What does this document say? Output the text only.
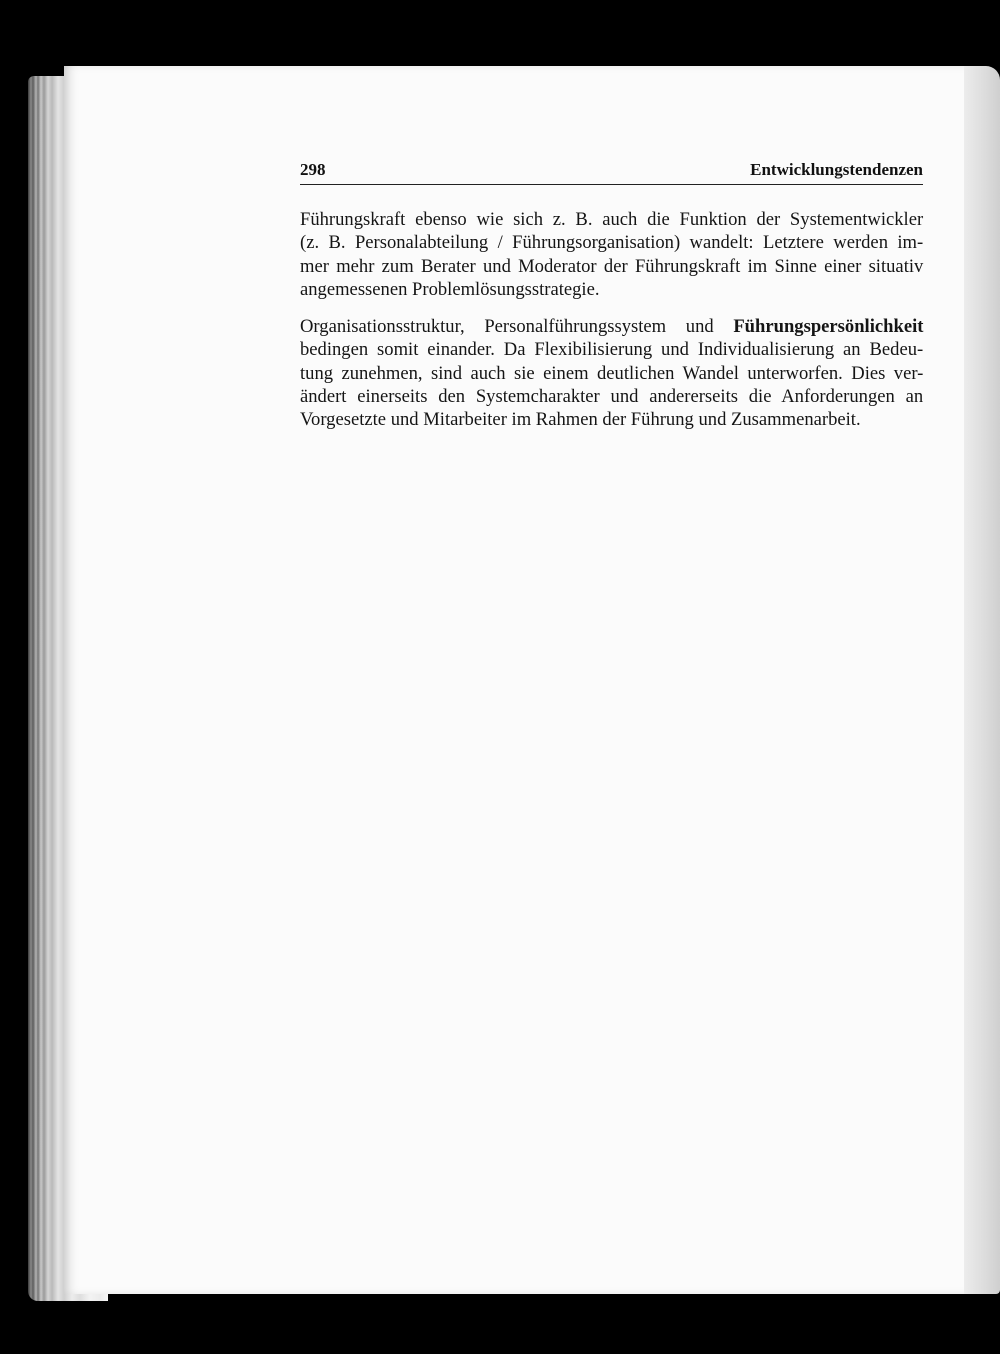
298	Entwicklungstendenzen
Führungskraft ebenso wie sich z. B. auch die Funktion der Systementwickler
(z. B. Personalabteilung / Führungsorganisation) wandelt: Letztere werden im-
mer mehr zum Berater und Moderator der Führungskraft im Sinne einer situativ
angemessenen Problemlösungsstrategie.
Organisationsstruktur, Personalführungssystem und Führungspersönlichkeit
bedingen somit einander. Da Flexibilisierung und Individualisierung an Bedeu-
tung zunehmen, sind auch sie einem deutlichen Wandel unterworfen. Dies ver-
ändert einerseits den Systemcharakter und andererseits die Anforderungen an
Vorgesetzte und Mitarbeiter im Rahmen der Führung und Zusammenarbeit.
